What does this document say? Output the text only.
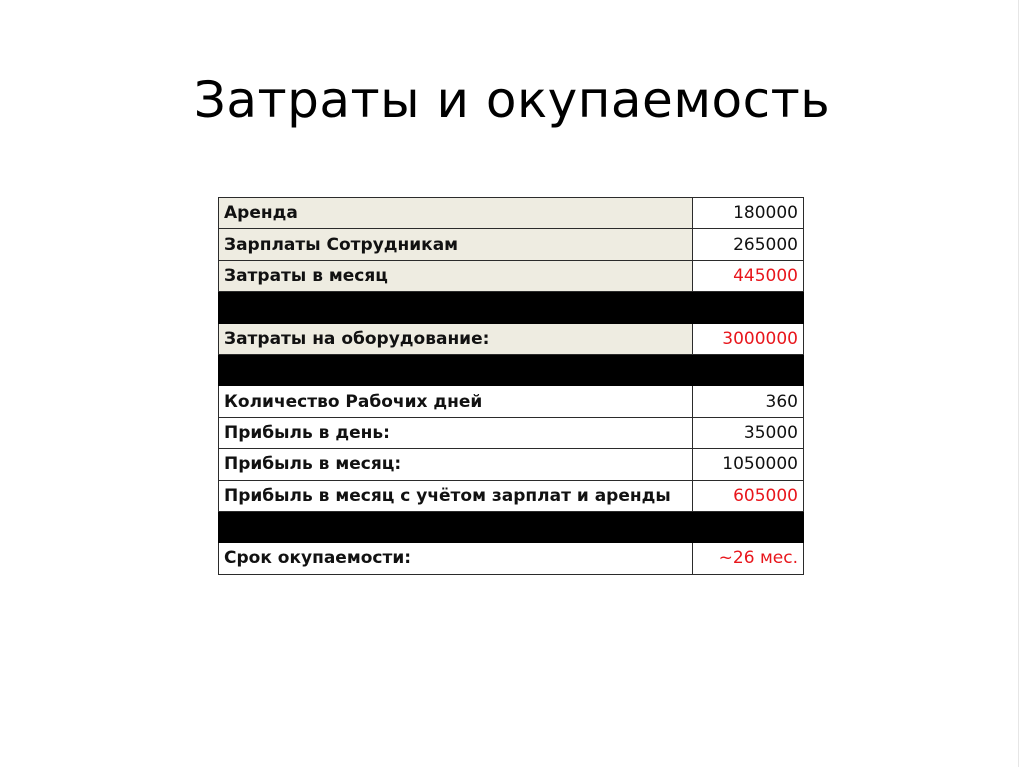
Затраты и окупаемость
Аренда	180000
Зарплаты Сотрудникам	265000
Затраты в месяц	445000

Затраты на оборудование:	3000000

Количество Рабочих дней	360
Прибыль в день:	35000
Прибыль в месяц:	1050000
Прибыль в месяц с учётом зарплат и аренды	605000

Срок окупаемости:	~26 мес.
